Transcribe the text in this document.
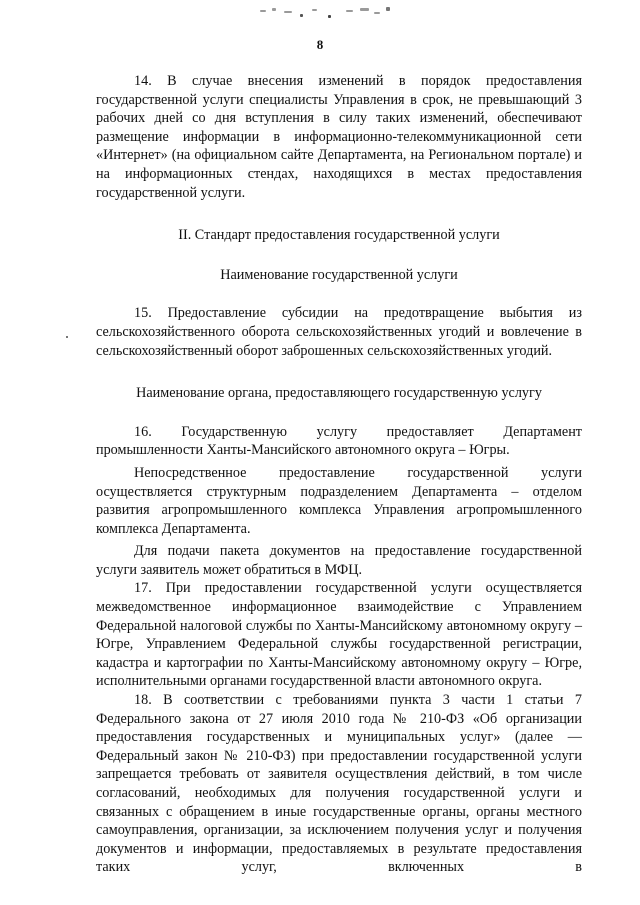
8

14. В случае внесения изменений в порядок предоставления государственной услуги специалисты Управления в срок, не превышающий 3 рабочих дней со дня вступления в силу таких изменений, обеспечивают размещение информации в информационно-телекоммуникационной сети «Интернет» (на официальном сайте Департамента, на Региональном портале) и на информационных стендах, находящихся в местах предоставления государственной услуги.

II. Стандарт предоставления государственной услуги

Наименование государственной услуги

15. Предоставление субсидии на предотвращение выбытия из сельскохозяйственного оборота сельскохозяйственных угодий и вовлечение в сельскохозяйственный оборот заброшенных сельскохозяйственных угодий.

Наименование органа, предоставляющего государственную услугу

16. Государственную услугу предоставляет Департамент промышленности Ханты-Мансийского автономного округа – Югры.

Непосредственное предоставление государственной услуги осуществляется структурным подразделением Департамента – отделом развития агропромышленного комплекса Управления агропромышленного комплекса Департамента.

Для подачи пакета документов на предоставление государственной услуги заявитель может обратиться в МФЦ.

17. При предоставлении государственной услуги осуществляется межведомственное информационное взаимодействие с Управлением Федеральной налоговой службы по Ханты-Мансийскому автономному округу – Югре, Управлением Федеральной службы государственной регистрации, кадастра и картографии по Ханты-Мансийскому автономному округу – Югре, исполнительными органами государственной власти автономного округа.

18. В соответствии с требованиями пункта 3 части 1 статьи 7 Федерального закона от 27 июля 2010 года № 210-ФЗ «Об организации предоставления государственных и муниципальных услуг» (далее — Федеральный закон № 210-ФЗ) при предоставлении государственной услуги запрещается требовать от заявителя осуществления действий, в том числе согласований, необходимых для получения государственной услуги и связанных с обращением в иные государственные органы, органы местного самоуправления, организации, за исключением получения услуг и получения документов и информации, предоставляемых в результате предоставления таких услуг, включенных в
